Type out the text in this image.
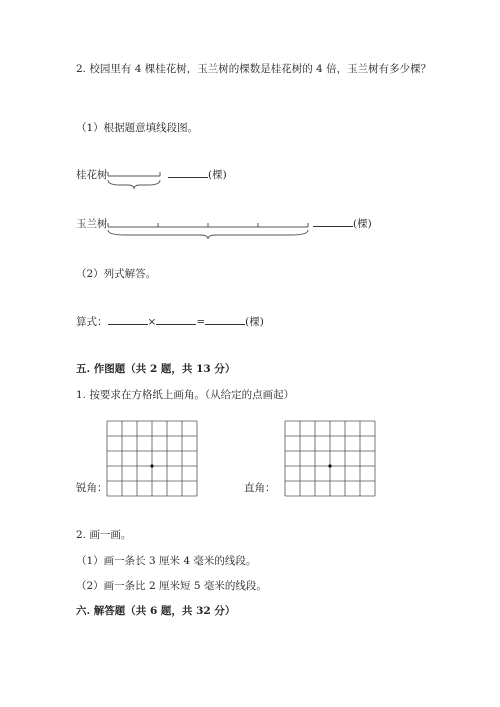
2. 校园里有 4 棵桂花树，玉兰树的棵数是桂花树的 4 倍，玉兰树有多少棵？
（1）根据题意填线段图。
桂花树	(棵)
玉兰树	(棵)
（2）列式解答。
算式：	×	=	(棵)
五. 作图题（共 2 题，共 13 分）
1. 按要求在方格纸上画角。（从给定的点画起）
锐角：	直角：
2. 画一画。
（1）画一条长 3 厘米 4 毫米的线段。
（2）画一条比 2 厘米短 5 毫米的线段。
六. 解答题（共 6 题，共 32 分）
